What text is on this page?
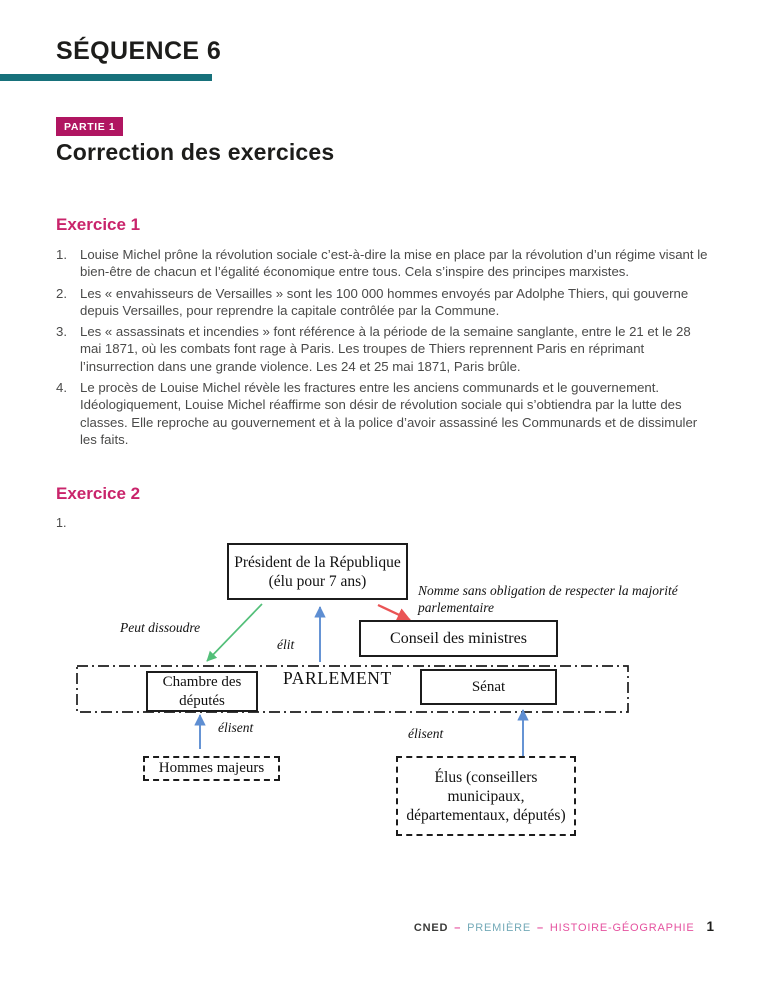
SÉQUENCE 6
PARTIE 1
Correction des exercices
Exercice 1
1. Louise Michel prône la révolution sociale c’est-à-dire la mise en place par la révolution d’un régime visant le bien-être de chacun et l’égalité économique entre tous. Cela s’inspire des principes marxistes.
2. Les « envahisseurs de Versailles » sont les 100 000 hommes envoyés par Adolphe Thiers, qui gouverne depuis Versailles, pour reprendre la capitale contrôlée par la Commune.
3. Les « assassinats et incendies » font référence à la période de la semaine sanglante, entre le 21 et le 28 mai 1871, où les combats font rage à Paris. Les troupes de Thiers reprennent Paris en réprimant l’insurrection dans une grande violence. Les 24 et 25 mai 1871, Paris brûle.
4. Le procès de Louise Michel révèle les fractures entre les anciens communards et le gouvernement. Idéologiquement, Louise Michel réaffirme son désir de révolution sociale qui s’obtiendra par la lutte des classes. Elle reproche au gouvernement et à la police d’avoir assassiné les Communards et de dissimuler les faits.
Exercice 2
1.
Président de la République (élu pour 7 ans)
Nomme sans obligation de respecter la majorité parlementaire
Conseil des ministres
Peut dissoudre
élit
PARLEMENT
Chambre des députés
Sénat
élisent	élisent
Hommes majeurs
Élus (conseillers municipaux, départementaux, députés)
CNED – PREMIÈRE – HISTOIRE-GÉOGRAPHIE 1
